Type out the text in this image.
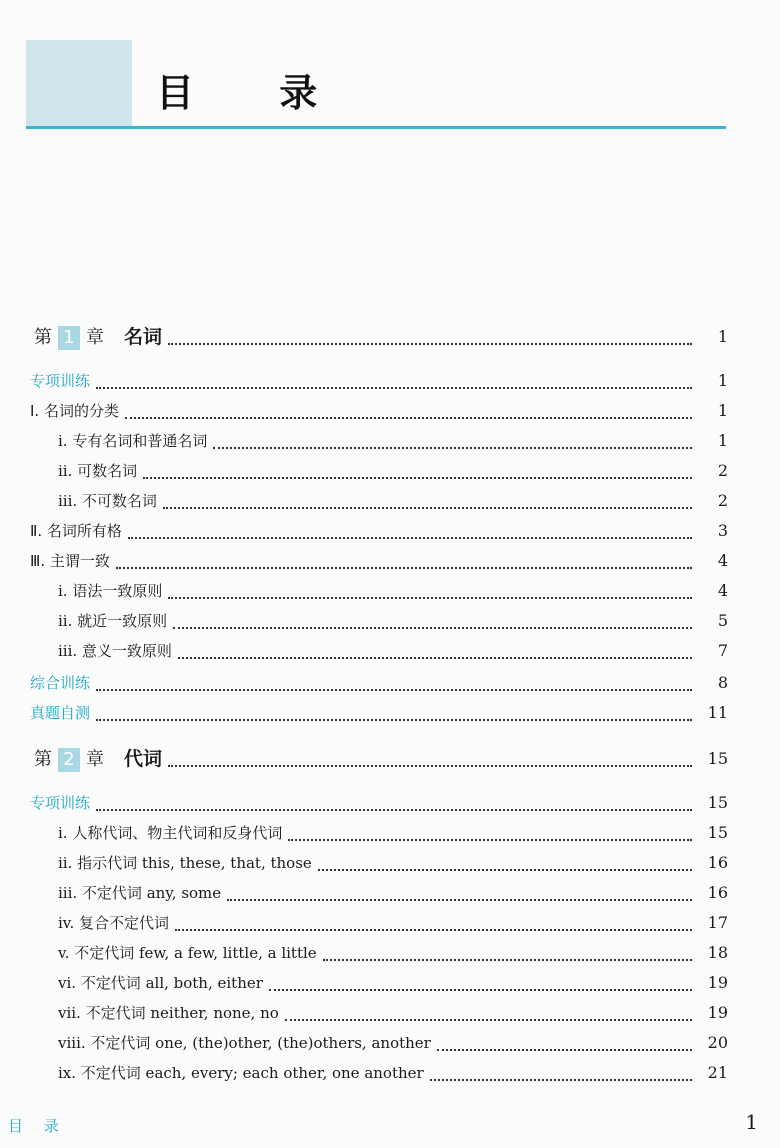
目 录
第 1 章 名词	1
专项训练	1
Ⅰ. 名词的分类	1
i. 专有名词和普通名词	1
ii. 可数名词	2
iii. 不可数名词	2
Ⅱ. 名词所有格	3
Ⅲ. 主谓一致	4
i. 语法一致原则	4
ii. 就近一致原则	5
iii. 意义一致原则	7
综合训练	8
真题自测	11
第 2 章 代词	15
专项训练	15
i. 人称代词、物主代词和反身代词	15
ii. 指示代词 this, these, that, those	16
iii. 不定代词 any, some	16
iv. 复合不定代词	17
v. 不定代词 few, a few, little, a little	18
vi. 不定代词 all, both, either	19
vii. 不定代词 neither, none, no	19
viii. 不定代词 one, (the)other, (the)others, another	20
ix. 不定代词 each, every; each other, one another	21
目 录	1
